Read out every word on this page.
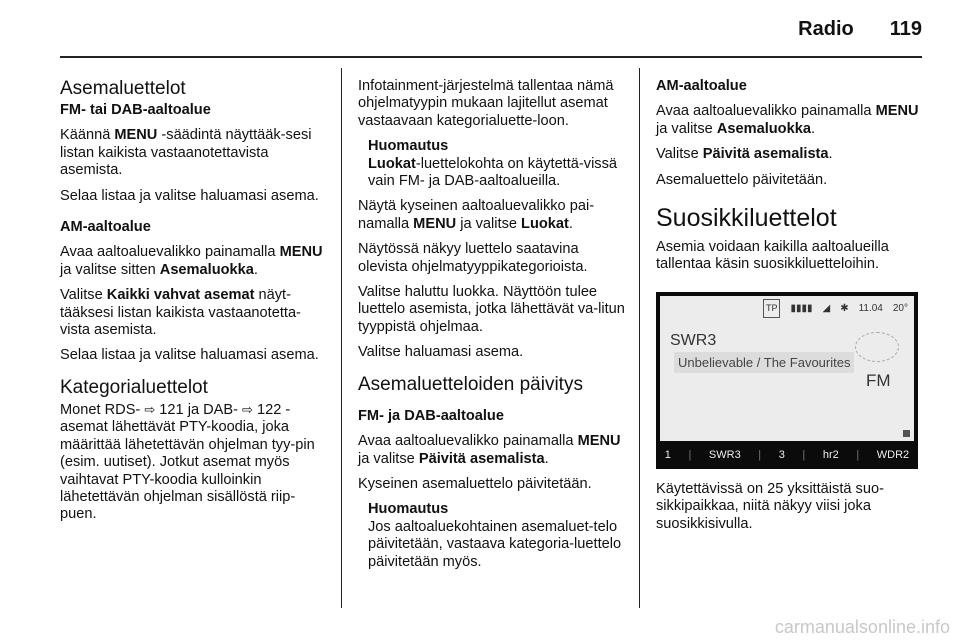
Radio 119
Asemaluettelot

FM- tai DAB-aaltoalue

Käännä MENU -säädintä näyttääk-sesi listan kaikista vastaanotettavista asemista.

Selaa listaa ja valitse haluamasi asema.

AM-aaltoalue

Avaa aaltoaluevalikko painamalla MENU ja valitse sitten Asemaluokka.

Valitse Kaikki vahvat asemat näyt-tääksesi listan kaikista vastaanotetta-vista asemista.

Selaa listaa ja valitse haluamasi asema.

Kategorialuettelot

Monet RDS- ⇨ 121 ja DAB- ⇨ 122 -asemat lähettävät PTY-koodia, joka määrittää lähetettävän ohjelman tyy-pin (esim. uutiset). Jotkut asemat myös vaihtavat PTY-koodia kulloinkin lähetettävän ohjelman sisällöstä riip-puen.

Infotainment-järjestelmä tallentaa nämä ohjelmatyypin mukaan lajitellut asemat vastaavaan kategorialuette-loon.

Huomautus
Luokat-luettelokohta on käytettä-vissä vain FM- ja DAB-aaltoalueilla.

Näytä kyseinen aaltoaluevalikko pai-namalla MENU ja valitse Luokat.

Näytössä näkyy luettelo saatavina olevista ohjelmatyyppikategorioista.

Valitse haluttu luokka. Näyttöön tulee luettelo asemista, jotka lähettävät va-litun tyyppistä ohjelmaa.

Valitse haluamasi asema.

Asemaluetteloiden päivitys

FM- ja DAB-aaltoalue

Avaa aaltoaluevalikko painamalla MENU ja valitse Päivitä asemalista.

Kyseinen asemaluettelo päivitetään.

Huomautus
Jos aaltoaluekohtainen asemaluet-telo päivitetään, vastaava kategoria-luettelo päivitetään myös.

AM-aaltoalue

Avaa aaltoaluevalikko painamalla MENU ja valitse Asemaluokka.

Valitse Päivitä asemalista.

Asemaluettelo päivitetään.

Suosikkiluettelot

Asemia voidaan kaikilla aaltoalueilla tallentaa käsin suosikkiluetteloihin.

TP	▮▮▮▮ ◢ ✱ 11.04 20°
SWR3
Unbelievable / The Favourites
FM
1 | SWR3 | 3 | hr2 | WDR2

Käytettävissä on 25 yksittäistä suo-sikkipaikkaa, niitä näkyy viisi joka suosikkisivulla.

carmanualsonline.info
